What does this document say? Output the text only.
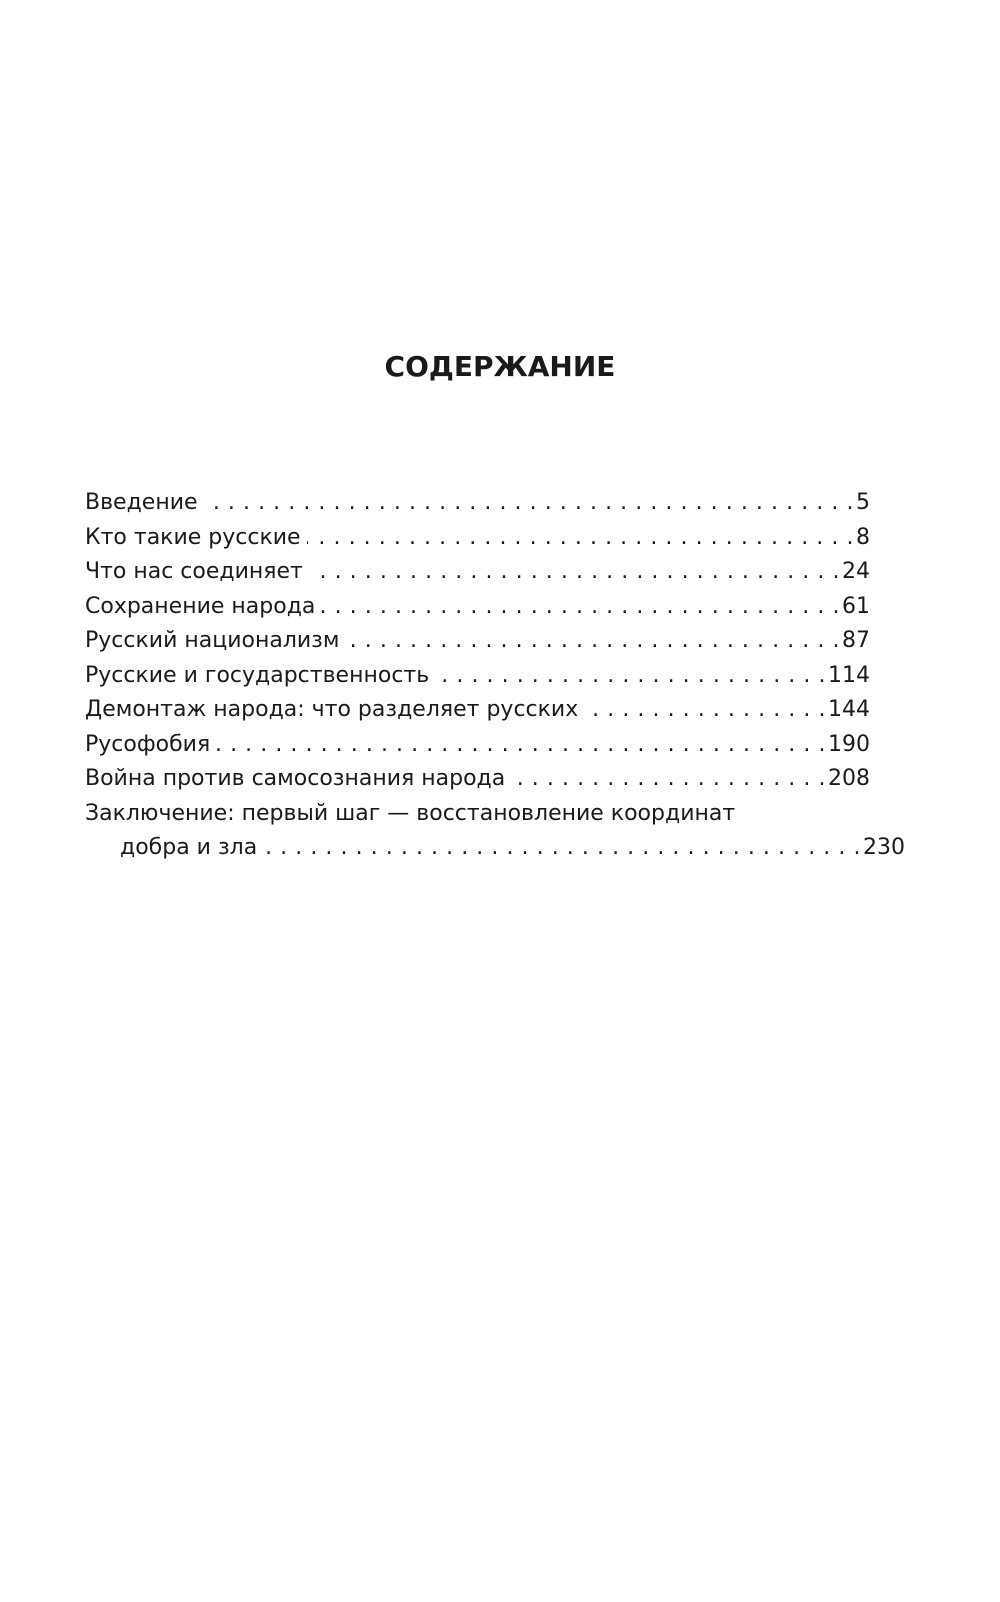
СОДЕРЖАНИЕ
Введение . . .	5
Кто такие русские . . .	8
Что нас соединяет . . .	24
Сохранение народа . . .	61
Русский национализм . . .	87
Русские и государственность . . .	114
Демонтаж народа: что разделяет русских . . .	144
Русофобия . . .	190
Война против самосознания народа . . .	208
Заключение: первый шаг — восстановление координат
добра и зла . . .	230
